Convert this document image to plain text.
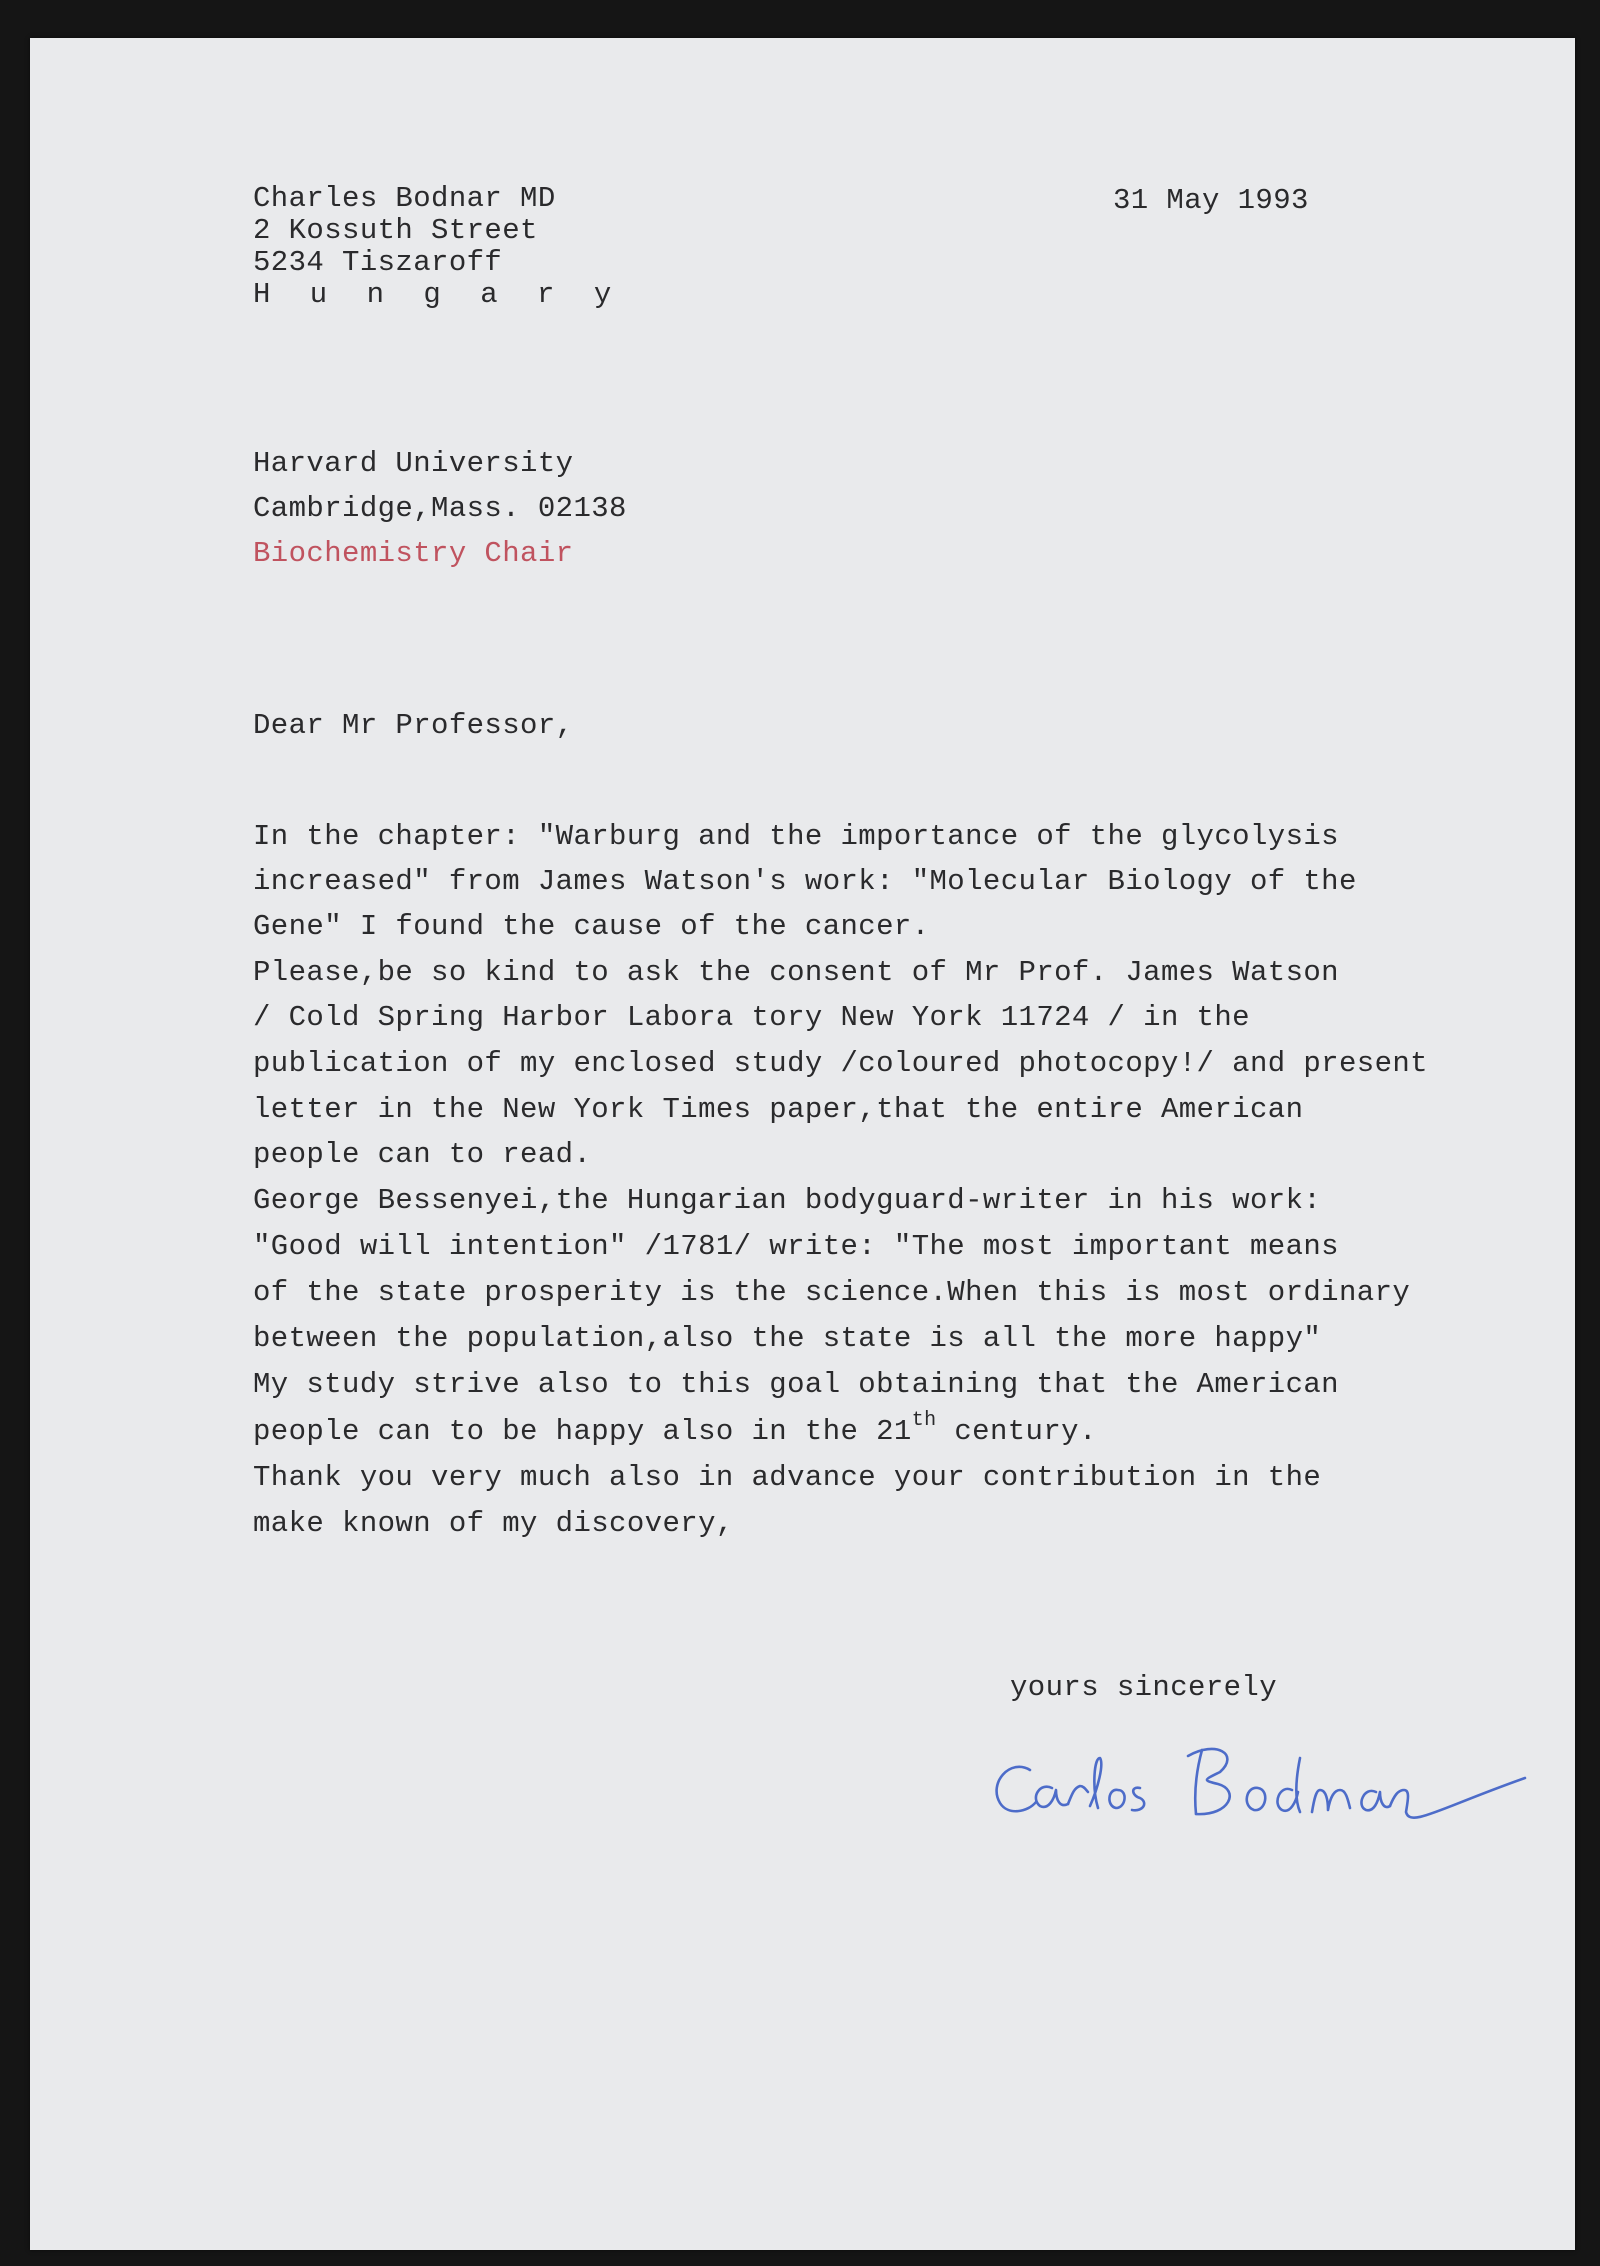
Charles Bodnar MD
2 Kossuth Street
5234 Tiszaroff
H u n g a r y
31 May 1993
Harvard University
Cambridge,Mass. 02138
Biochemistry Chair
Dear Mr Professor,
In the chapter: "Warburg and the importance of the glycolysis
increased" from James Watson's work: "Molecular Biology of the
Gene" I found the cause of the cancer.
Please,be so kind to ask the consent of Mr Prof. James Watson
/ Cold Spring Harbor Labora tory New York 11724 / in the
publication of my enclosed study /coloured photocopy!/ and present
letter in the New York Times paper,that the entire American
people can to read.
George Bessenyei,the Hungarian bodyguard-writer in his work:
"Good will intention" /1781/ write: "The most important means
of the state prosperity is the science.When this is most ordinary
between the population,also the state is all the more happy"
My study strive also to this goal obtaining that the American
people can to be happy also in the 21th century.
Thank you very much also in advance your contribution in the
make known of my discovery,
yours sincerely
